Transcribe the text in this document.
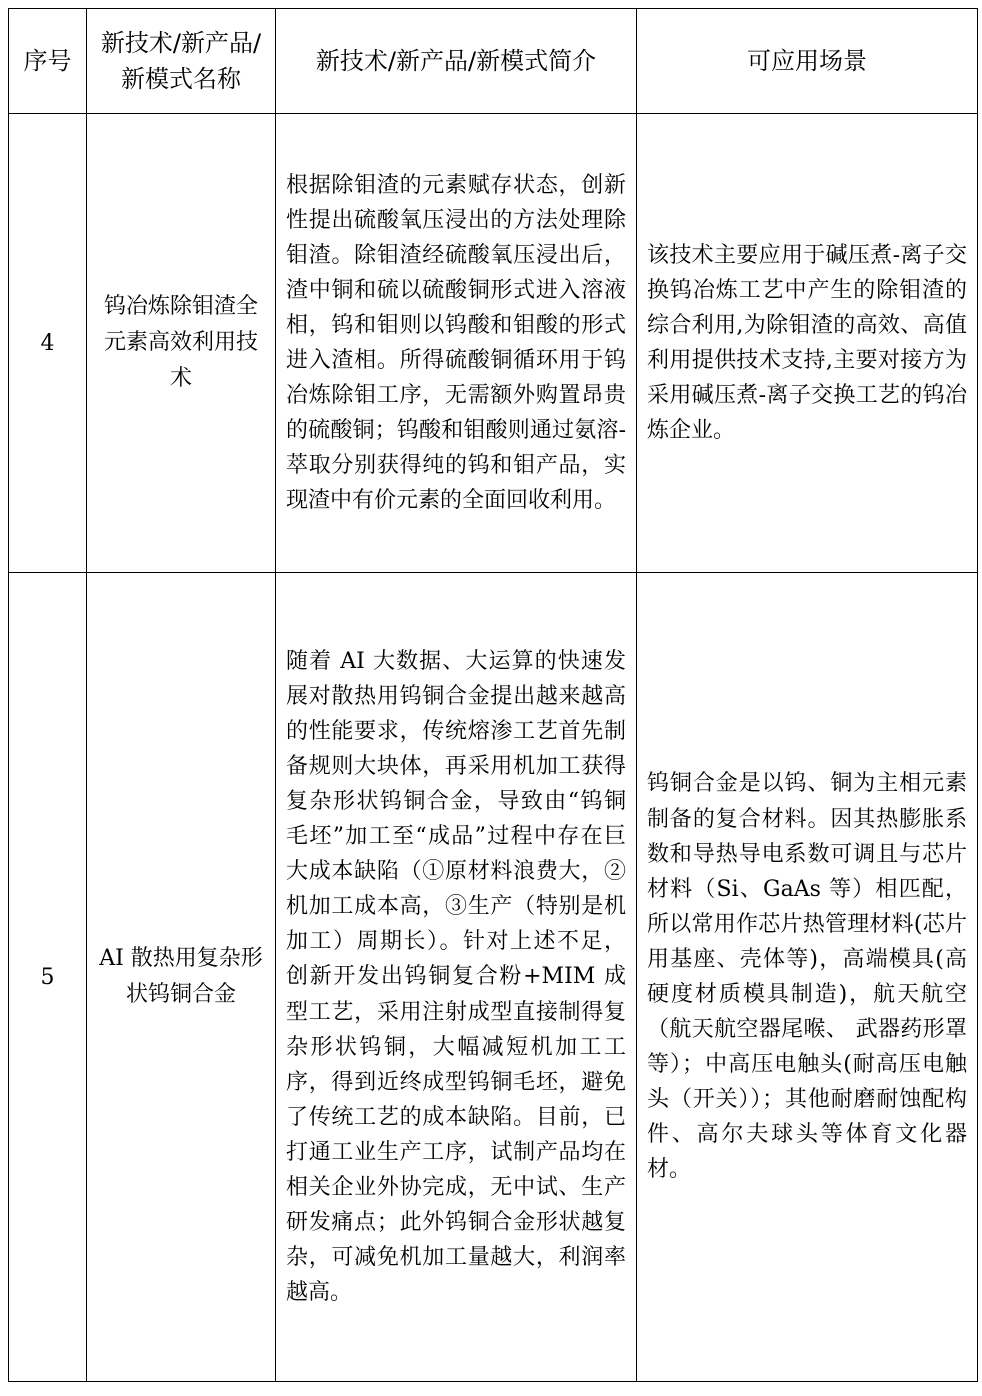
序号	新技术/新产品/新模式名称	新技术/新产品/新模式简介	可应用场景
4	钨冶炼除钼渣全元素高效利用技术	根据除钼渣的元素赋存状态，创新性提出硫酸氧压浸出的方法处理除钼渣。除钼渣经硫酸氧压浸出后，渣中铜和硫以硫酸铜形式进入溶液相，钨和钼则以钨酸和钼酸的形式进入渣相。所得硫酸铜循环用于钨冶炼除钼工序，无需额外购置昂贵的硫酸铜；钨酸和钼酸则通过氨溶-萃取分别获得纯的钨和钼产品，实现渣中有价元素的全面回收利用。	该技术主要应用于碱压煮-离子交换钨冶炼工艺中产生的除钼渣的综合利用,为除钼渣的高效、高值利用提供技术支持,主要对接方为采用碱压煮-离子交换工艺的钨冶炼企业。
5	AI 散热用复杂形状钨铜合金	随着 AI 大数据、大运算的快速发展对散热用钨铜合金提出越来越高的性能要求，传统熔渗工艺首先制备规则大块体，再采用机加工获得复杂形状钨铜合金，导致由“钨铜毛坯”加工至“成品”过程中存在巨大成本缺陷（①原材料浪费大，②机加工成本高，③生产（特别是机加工）周期长）。针对上述不足，创新开发出钨铜复合粉+MIM 成型工艺，采用注射成型直接制得复杂形状钨铜，大幅减短机加工工序，得到近终成型钨铜毛坯，避免了传统工艺的成本缺陷。目前，已打通工业生产工序，试制产品均在相关企业外协完成，无中试、生产研发痛点；此外钨铜合金形状越复杂，可减免机加工量越大，利润率越高。	钨铜合金是以钨、铜为主相元素制备的复合材料。因其热膨胀系数和导热导电系数可调且与芯片材料（Si、GaAs 等）相匹配，所以常用作芯片热管理材料(芯片用基座、壳体等)，高端模具(高硬度材质模具制造)，航天航空（航天航空器尾喉、 武器药形罩等）；中高压电触头(耐高压电触头（开关））；其他耐磨耐蚀配构件、高尔夫球头等体育文化器材。
